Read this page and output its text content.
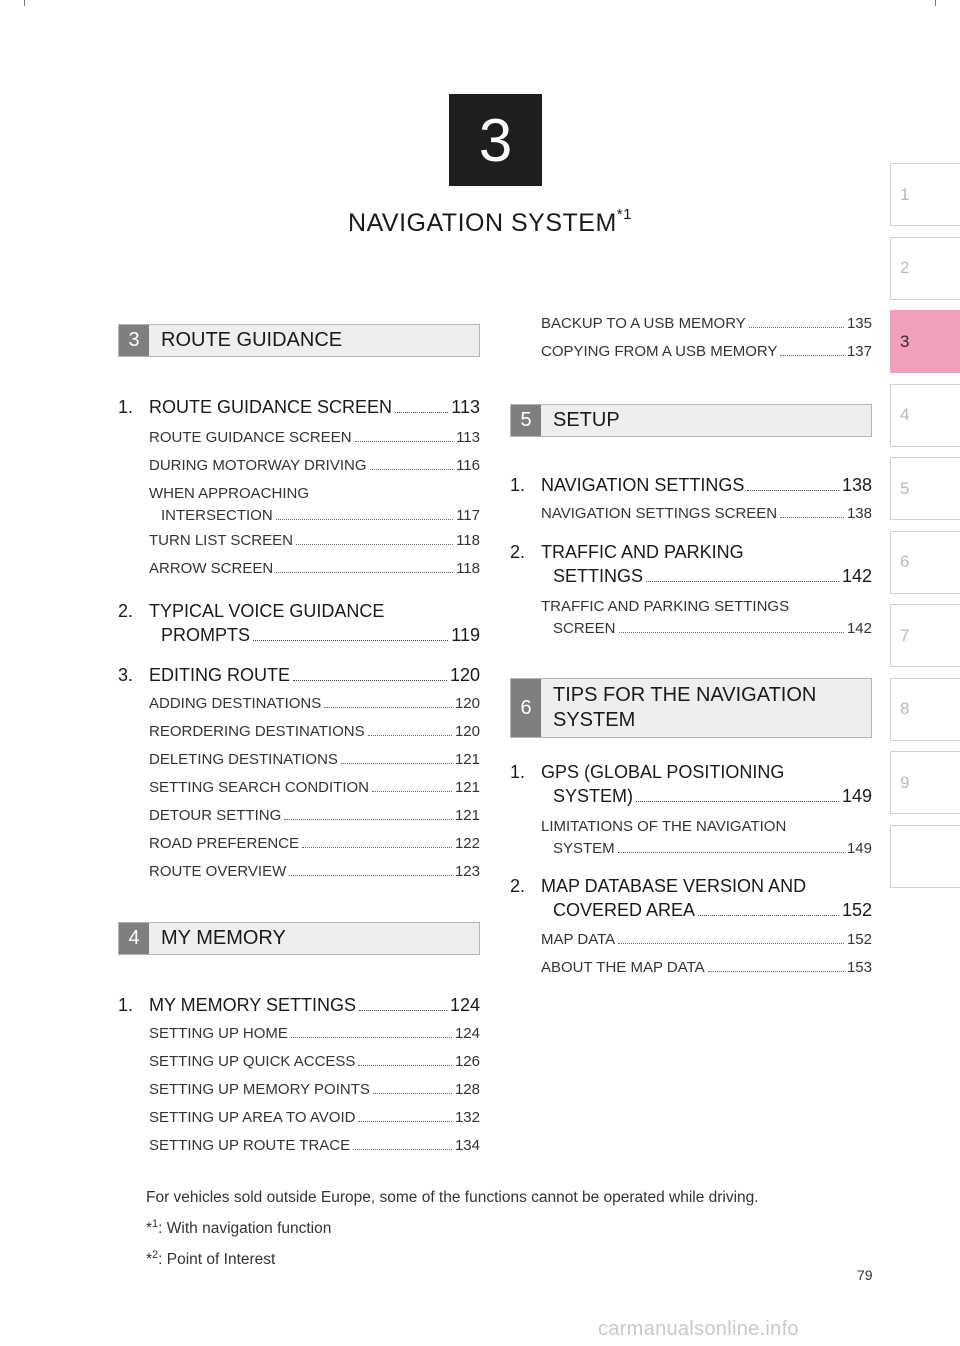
3
NAVIGATION SYSTEM$^{*1}$
1
2
3
4
5
6
7
8
9
3	ROUTE GUIDANCE
1. ROUTE GUIDANCE SCREEN	113
ROUTE GUIDANCE SCREEN	113
DURING MOTORWAY DRIVING	116
WHEN APPROACHING
INTERSECTION	117
TURN LIST SCREEN	118
ARROW SCREEN	118
2. TYPICAL VOICE GUIDANCE
PROMPTS	119
3. EDITING ROUTE	120
ADDING DESTINATIONS	120
REORDERING DESTINATIONS	120
DELETING DESTINATIONS	121
SETTING SEARCH CONDITION	121
DETOUR SETTING	121
ROAD PREFERENCE	122
ROUTE OVERVIEW	123
4	MY MEMORY
1. MY MEMORY SETTINGS	124
SETTING UP HOME	124
SETTING UP QUICK ACCESS	126
SETTING UP MEMORY POINTS	128
SETTING UP AREA TO AVOID	132
SETTING UP ROUTE TRACE	134
BACKUP TO A USB MEMORY	135
COPYING FROM A USB MEMORY	137
5	SETUP
1. NAVIGATION SETTINGS	138
NAVIGATION SETTINGS SCREEN	138
2. TRAFFIC AND PARKING
SETTINGS	142
TRAFFIC AND PARKING SETTINGS
SCREEN	142
6
TIPS FOR THE NAVIGATION
SYSTEM
1. GPS (GLOBAL POSITIONING
SYSTEM)	149
LIMITATIONS OF THE NAVIGATION
SYSTEM	149
2. MAP DATABASE VERSION AND
COVERED AREA	152
MAP DATA	152
ABOUT THE MAP DATA	153
For vehicles sold outside Europe, some of the functions cannot be operated while driving.
*$^1$: With navigation function
*$^2$: Point of Interest
79
carmanualsonline.info
